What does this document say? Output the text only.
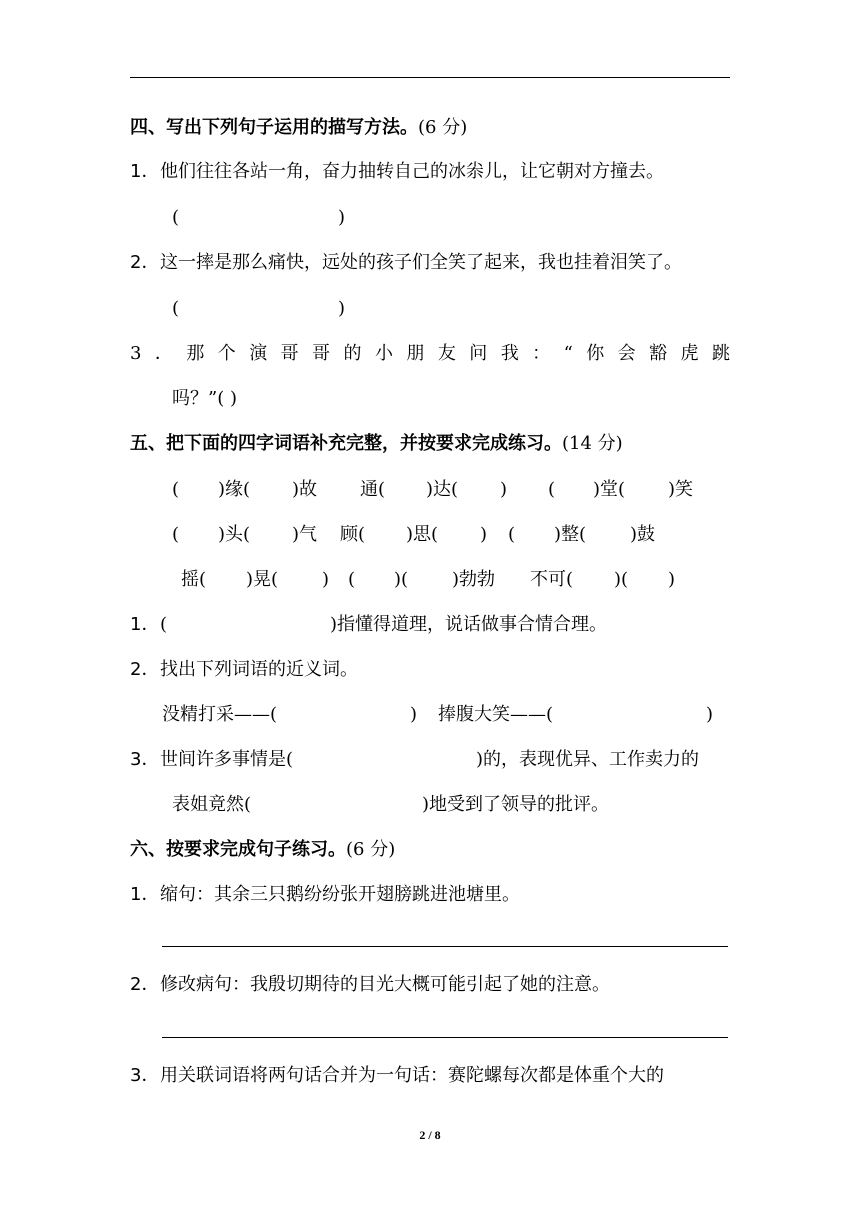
四、写出下列句子运用的描写方法。(6 分)
1．他们往往各站一角，奋力抽转自己的冰尜儿，让它朝对方撞去。
(	)
2．这一摔是那么痛快，远处的孩子们全笑了起来，我也挂着泪笑了。
(	)
3 ． 那 个 演 哥 哥 的 小 朋 友 问 我 ： “ 你 会 豁 虎 跳
吗？”( )
五、把下面的四字词语补充完整，并按要求完成练习。(14 分)
( )缘( )故 通( )达( ) ( )堂( )笑
( )头( )气 顾( )思( ) ( )整( )鼓
摇( )晃( ) ( )( )勃勃 不可( )( )
1．(	)指懂得道理，说话做事合情合理。
2．找出下列词语的近义词。
没精打采——(	) 捧腹大笑——(	)
3．世间许多事情是(	)的，表现优异、工作卖力的
表姐竟然(	)地受到了领导的批评。
六、按要求完成句子练习。(6 分)
1．缩句：其余三只鹅纷纷张开翅膀跳进池塘里。
2．修改病句：我殷切期待的目光大概可能引起了她的注意。
3．用关联词语将两句话合并为一句话：赛陀螺每次都是体重个大的
2 / 8
